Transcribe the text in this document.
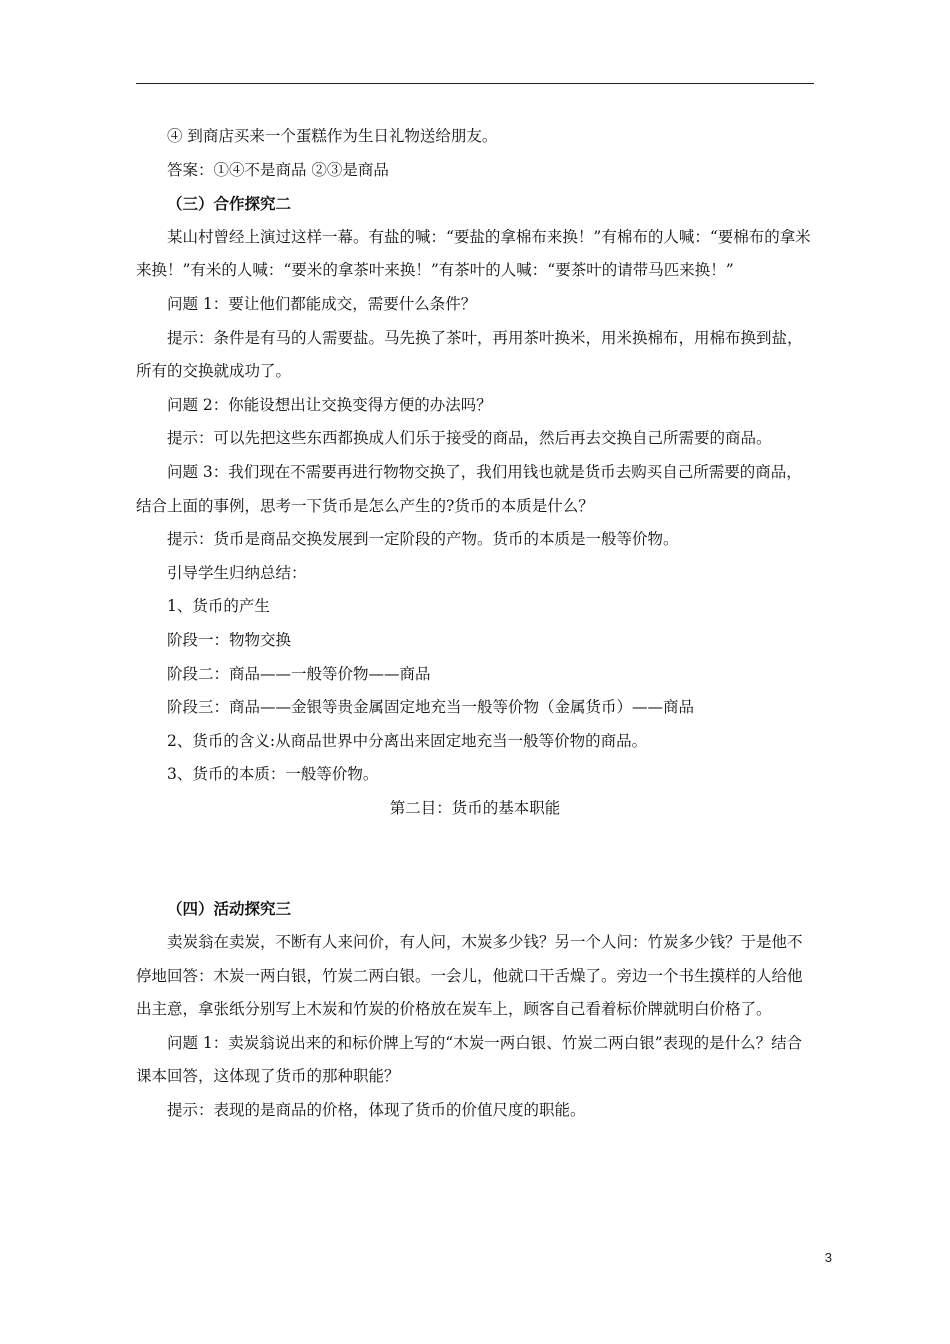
④ 到商店买来一个蛋糕作为生日礼物送给朋友。

答案：①④不是商品 ②③是商品

（三）合作探究二

某山村曾经上演过这样一幕。有盐的喊：“要盐的拿棉布来换！”有棉布的人喊：“要棉布的拿米来换！”有米的人喊：“要米的拿茶叶来换！”有茶叶的人喊：“要茶叶的请带马匹来换！”

问题 1：要让他们都能成交，需要什么条件？

提示：条件是有马的人需要盐。马先换了茶叶，再用茶叶换米，用米换棉布，用棉布换到盐，所有的交换就成功了。

问题 2：你能设想出让交换变得方便的办法吗？

提示：可以先把这些东西都换成人们乐于接受的商品，然后再去交换自己所需要的商品。

问题 3：我们现在不需要再进行物物交换了，我们用钱也就是货币去购买自己所需要的商品，结合上面的事例，思考一下货币是怎么产生的?货币的本质是什么？

提示：货币是商品交换发展到一定阶段的产物。货币的本质是一般等价物。

引导学生归纳总结：

1、货币的产生

阶段一：物物交换

阶段二：商品——一般等价物——商品

阶段三：商品——金银等贵金属固定地充当一般等价物（金属货币）——商品

2、货币的含义:从商品世界中分离出来固定地充当一般等价物的商品。

3、货币的本质：一般等价物。

第二目：货币的基本职能

（四）活动探究三

卖炭翁在卖炭，不断有人来问价，有人问，木炭多少钱？另一个人问：竹炭多少钱？于是他不停地回答：木炭一两白银，竹炭二两白银。一会儿，他就口干舌燥了。旁边一个书生摸样的人给他出主意，拿张纸分别写上木炭和竹炭的价格放在炭车上，顾客自己看着标价牌就明白价格了。

问题 1：卖炭翁说出来的和标价牌上写的“木炭一两白银、竹炭二两白银”表现的是什么？结合课本回答，这体现了货币的那种职能？

提示：表现的是商品的价格，体现了货币的价值尺度的职能。

3
